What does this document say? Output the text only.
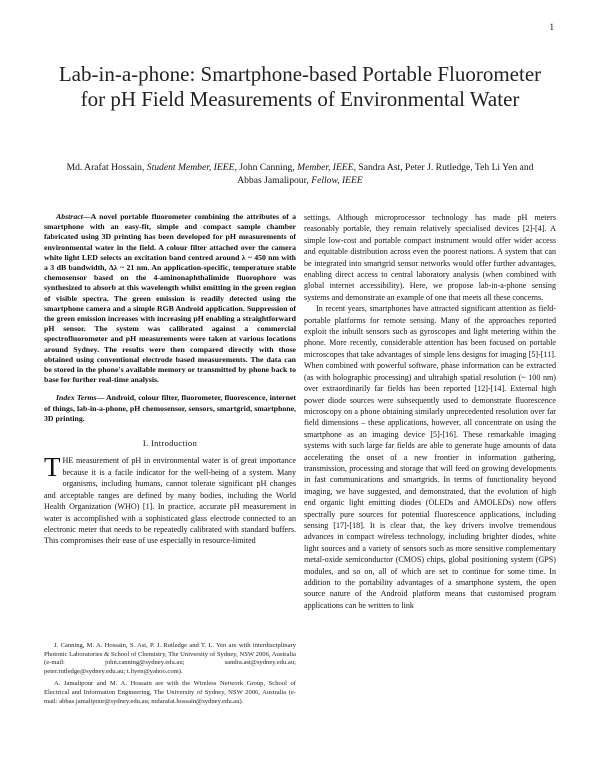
1
Lab-in-a-phone: Smartphone-based Portable Fluorometer for pH Field Measurements of Environmental Water
Md. Arafat Hossain, Student Member, IEEE, John Canning, Member, IEEE, Sandra Ast, Peter J. Rutledge, Teh Li Yen and Abbas Jamalipour, Fellow, IEEE

Abstract—A novel portable fluorometer combining the attributes of a smartphone with an easy-fit, simple and compact sample chamber fabricated using 3D printing has been developed for pH measurements of environmental water in the field. A colour filter attached over the camera white light LED selects an excitation band centred around λ ~ 450 nm with a 3 dB bandwidth, Δλ ~ 21 nm. An application-specific, temperature stable chemosensor based on the 4-aminonaphthalimide fluorophore was synthesized to absorb at this wavelength whilst emitting in the green region of visible spectra. The green emission is readily detected using the smartphone camera and a simple RGB Android application. Suppression of the green emission increases with increasing pH enabling a straightforward pH sensor. The system was calibrated against a commercial spectrofluorometer and pH measurements were taken at various locations around Sydney. The results were then compared directly with those obtained using conventional electrode based measurements. The data can be stored in the phone's available memory or transmitted by phone back to base for further real-time analysis.

Index Terms— Android, colour filter, fluorometer, fluorescence, internet of things, lab-in-a-phone, pH chemosensor, sensors, smartgrid, smartphone, 3D printing.

I. Introduction

THE measurement of pH in environmental water is of great importance because it is a facile indicator for the well-being of a system. Many organisms, including humans, cannot tolerate significant pH changes and acceptable ranges are defined by many bodies, including the World Health Organization (WHO) [1]. In practice, accurate pH measurement in water is accomplished with a sophisticated glass electrode connected to an electronic meter that needs to be repeatedly calibrated with standard buffers. This compromises their ease of use especially in resource-limited

J. Canning, M. A. Hossain, S. Ast, P. J. Rutledge and T. L. Yen are with interdisciplinary Photonic Laboratories & School of Chemistry, The University of Sydney, NSW 2006, Australia (e-mail: john.canning@sydney.edu.au; sandra.ast@sydney.edu.au; peter.rutledge@sydney.edu.au; t.liyen@yahoo.com).

A. Jamalipour and M. A. Hossain are with the Wireless Network Group, School of Electrical and Information Engineering, The University of Sydney, NSW 2006, Australia (e-mail: abbas.jamalipour@sydney.edu.au; mdarafat.hossain@sydney.edu.au).

settings. Although microprocessor technology has made pH meters reasonably portable, they remain relatively specialised devices [2]-[4]. A simple low-cost and portable compact instrument would offer wider access and equitable distribution across even the poorest nations. A system that can be integrated into smartgrid sensor networks would offer further advantages, enabling direct access to central laboratory analysis (when combined with global internet accessibility). Here, we propose lab-in-a-phone sensing systems and demonstrate an example of one that meets all these concerns.

In recent years, smartphones have attracted significant attention as field-portable platforms for remote sensing. Many of the approaches reported exploit the inbuilt sensors such as gyroscopes and light metering within the phone. More recently, considerable attention has been focused on portable microscopes that take advantages of simple lens designs for imaging [5]-[11]. When combined with powerful software, phase information can be extracted (as with holographic processing) and ultrahigh spatial resolution (~ 100 nm) over extraordinarily far fields has been reported [12]-[14]. External high power diode sources were subsequently used to demonstrate fluorescence microscopy on a phone obtaining similarly unprecedented resolution over far field dimensions – these applications, however, all concentrate on using the smartphone as an imaging device [5]-[16]. These remarkable imaging systems with such large far fields are able to generate huge amounts of data accelerating the onset of a new frontier in information gathering, transmission, processing and storage that will feed on growing developments in fast communications and smartgrids. In terms of functionality beyond imaging, we have suggested, and demonstrated, that the evolution of high end organic light emitting diodes (OLEDs and AMOLEDs) now offers spectrally pure sources for potential fluorescence applications, including sensing [17]-[18]. It is clear that, the key drivers involve tremendous advances in compact wireless technology, including brighter diodes, white light sources and a variety of sensors such as more sensitive complementary metal-oxide semiconductor (CMOS) chips, global positioning system (GPS) modules, and so on, all of which are set to continue for some time. In addition to the portability advantages of a smartphone system, the open source nature of the Android platform means that customised program applications can be written to link
